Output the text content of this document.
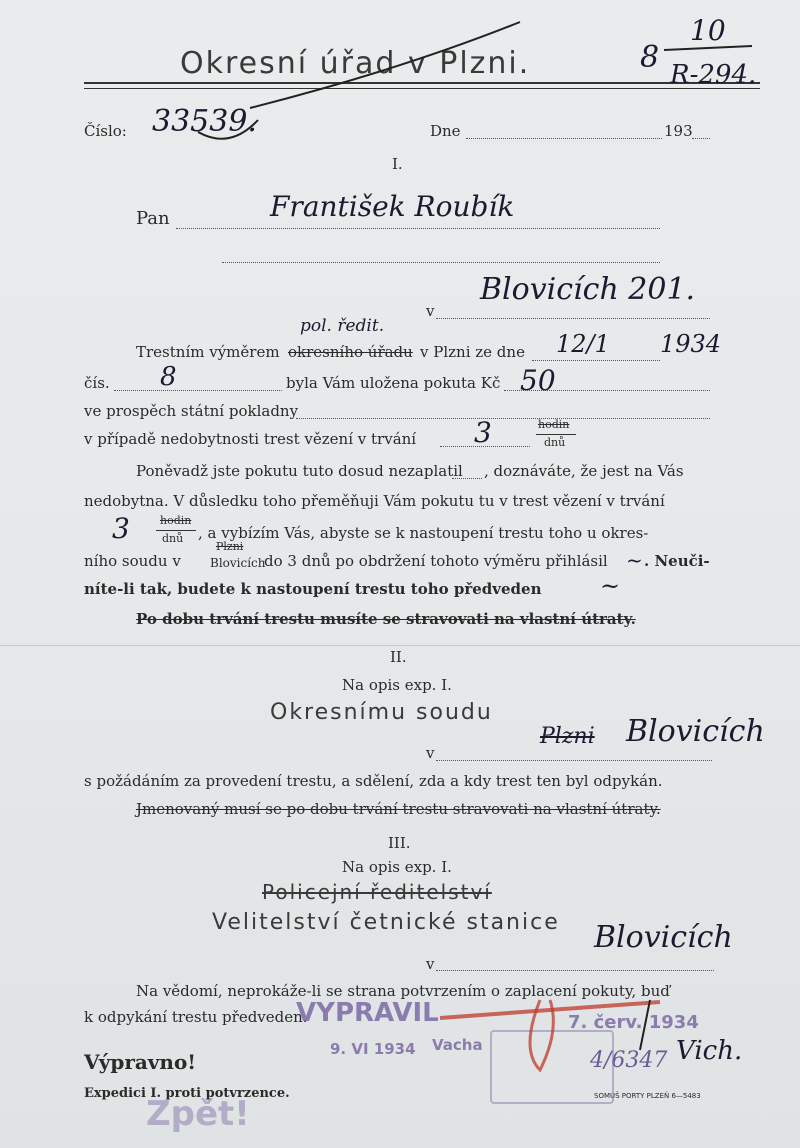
Okresní úřad v Plzni.	8
10
R-294.
Číslo: 33539.	Dne	193
I.
Pan	František Roubík
v
Blovicích 201.
pol. ředit.
Trestním výměrem okresního úřadu v Plzni ze dne 12/1 1934
čís. 8	byla Vám uložena pokuta Kč 50
ve prospěch státní pokladny
v případě nedobytnosti trest vězení v trvání 3	hodin
dnů
Poněvadž jste pokutu tuto dosud nezaplatil , doznáváte, že jest na Vás
nedobytna. V důsledku toho přeměňuji Vám pokutu tu v trest vězení v trvání
3	hodin
dnů , a vybízím Vás, abyste se k nastoupení trestu toho u okres-
ního soudu v
Plzni
Blovicích
do 3 dnů po obdržení tohoto výměru přihlásil ~ . Neuči-
níte-li tak, budete k nastoupení trestu toho předveden ~
Po dobu trvání trestu musíte se stravovati na vlastní útraty.
II.
Na opis exp. I.
Okresnímu soudu
v
Plzni Blovicích
s požádáním za provedení trestu, a sdělení, zda a kdy trest ten byl odpykán.
Jmenovaný musí se po dobu trvání trestu stravovati na vlastní útraty.
III.
Na opis exp. I.
Policejní ředitelství
Velitelství četnické stanice
v
Blovicích
Na vědomí, neprokáže-li se strana potvrzením o zaplacení pokuty, buď
k odpykání trestu předveden.
Výpravno!
Expedici I. proti potvrzence.	SOMUŠ PORTY PLZEŇ 6—5483
VYPRAVIL
9. VI 1934 Vacha
7. červ. 1934
4/6347
Zpět!
Vich.
